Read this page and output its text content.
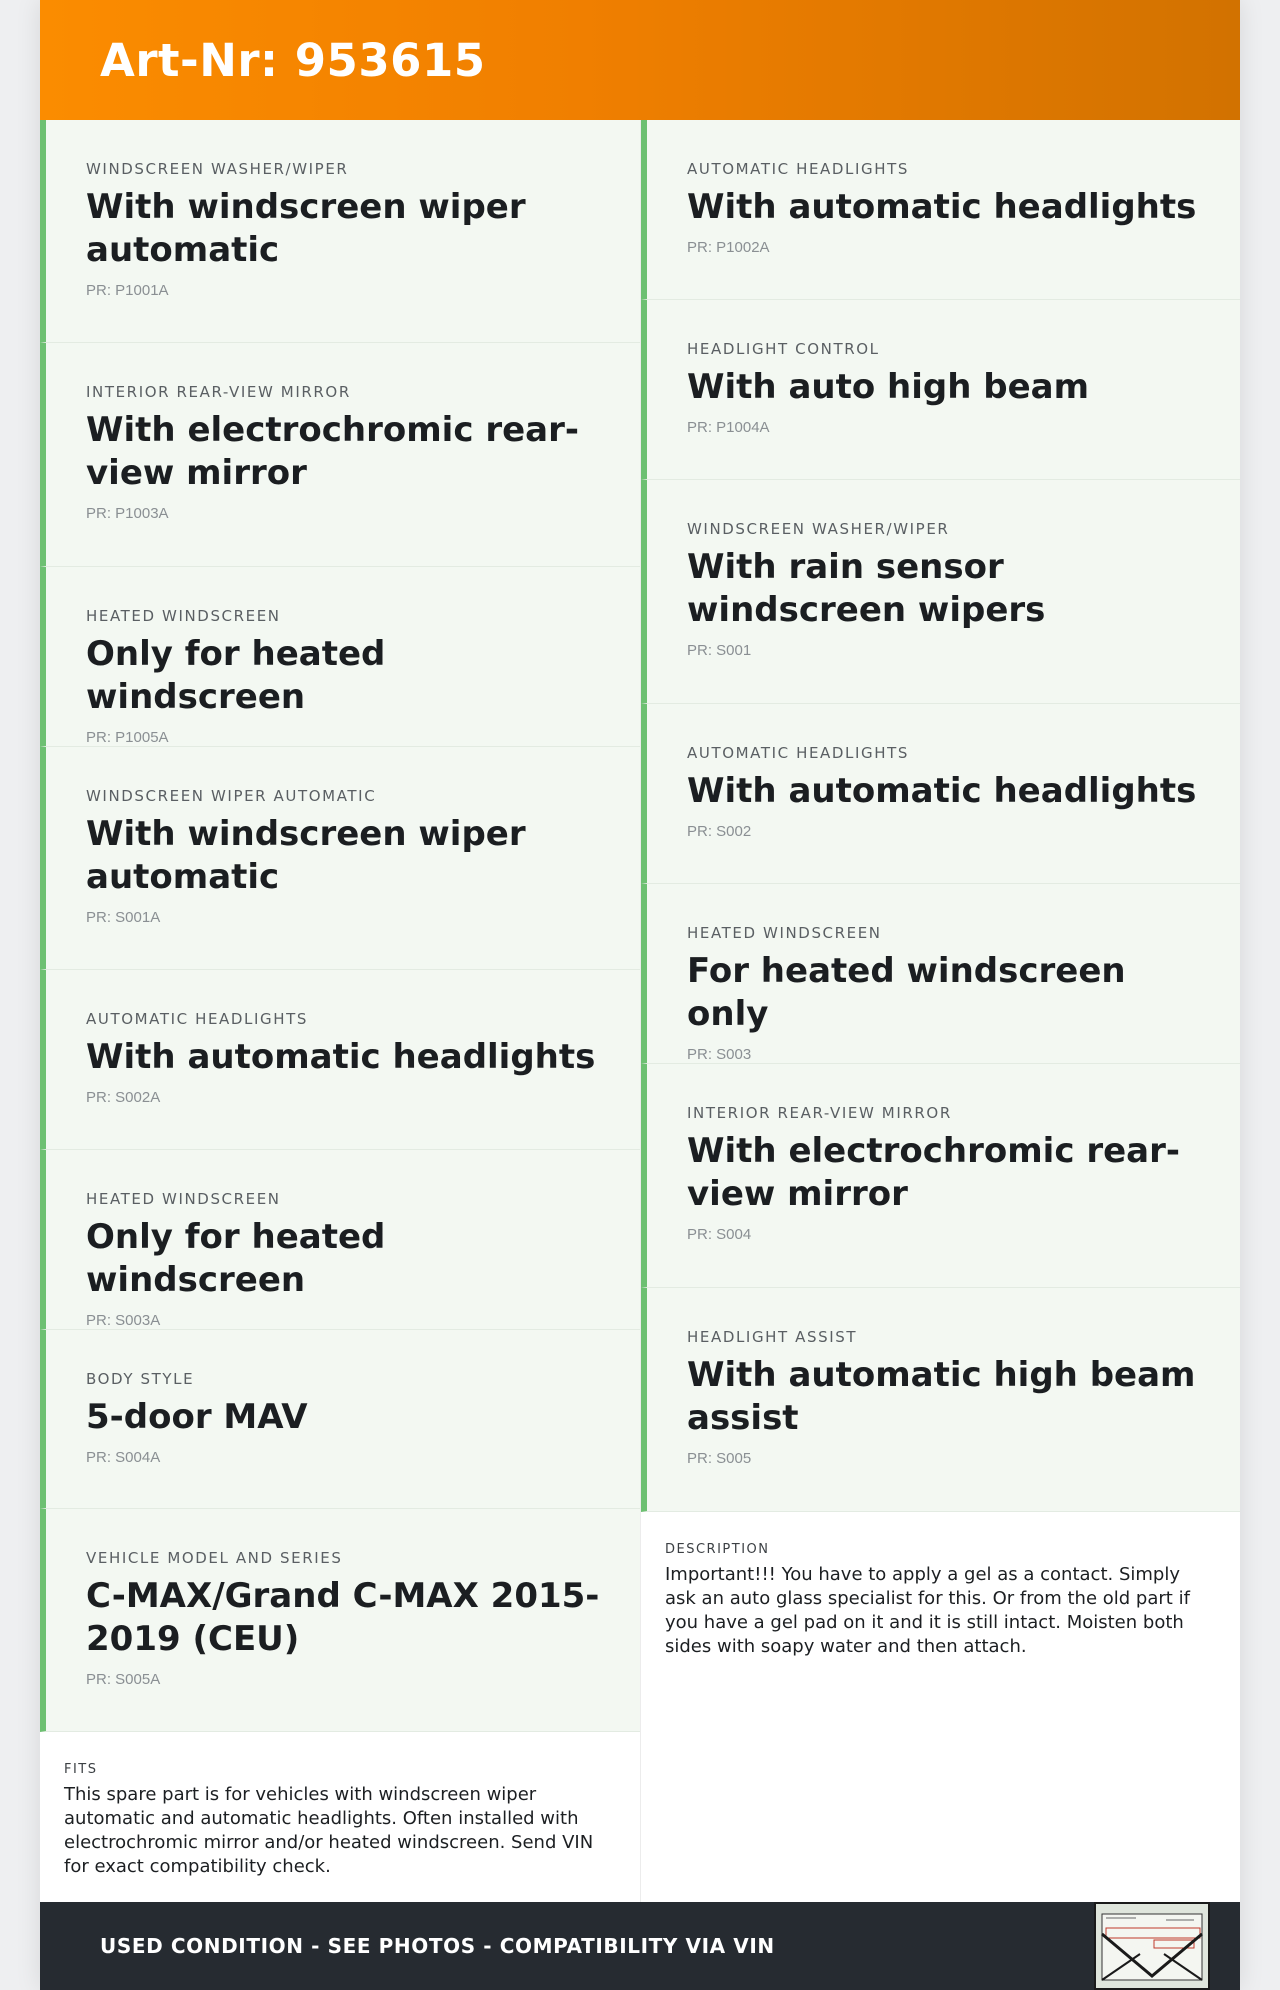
Art-Nr: 953615
WINDSCREEN WASHER/WIPER
With windscreen wiper automatic
PR: P1001A
INTERIOR REAR-VIEW MIRROR
With electrochromic rear-view mirror
PR: P1003A
HEATED WINDSCREEN
Only for heated windscreen
PR: P1005A
WINDSCREEN WIPER AUTOMATIC
With windscreen wiper automatic
PR: S001A
AUTOMATIC HEADLIGHTS
With automatic headlights
PR: S002A
HEATED WINDSCREEN
Only for heated windscreen
PR: S003A
BODY STYLE
5-door MAV
PR: S004A
VEHICLE MODEL AND SERIES
C-MAX/Grand C-MAX 2015-2019 (CEU)
PR: S005A
FITS
This spare part is for vehicles with windscreen wiper automatic and automatic headlights. Often installed with electrochromic mirror and/or heated windscreen. Send VIN for exact compatibility check.
AUTOMATIC HEADLIGHTS
With automatic headlights
PR: P1002A
HEADLIGHT CONTROL
With auto high beam
PR: P1004A
WINDSCREEN WASHER/WIPER
With rain sensor windscreen wipers
PR: S001
AUTOMATIC HEADLIGHTS
With automatic headlights
PR: S002
HEATED WINDSCREEN
For heated windscreen only
PR: S003
INTERIOR REAR-VIEW MIRROR
With electrochromic rear-view mirror
PR: S004
HEADLIGHT ASSIST
With automatic high beam assist
PR: S005
DESCRIPTION
Important!!! You have to apply a gel as a contact. Simply ask an auto glass specialist for this. Or from the old part if you have a gel pad on it and it is still intact. Moisten both sides with soapy water and then attach.
USED CONDITION - SEE PHOTOS - COMPATIBILITY VIA VIN
